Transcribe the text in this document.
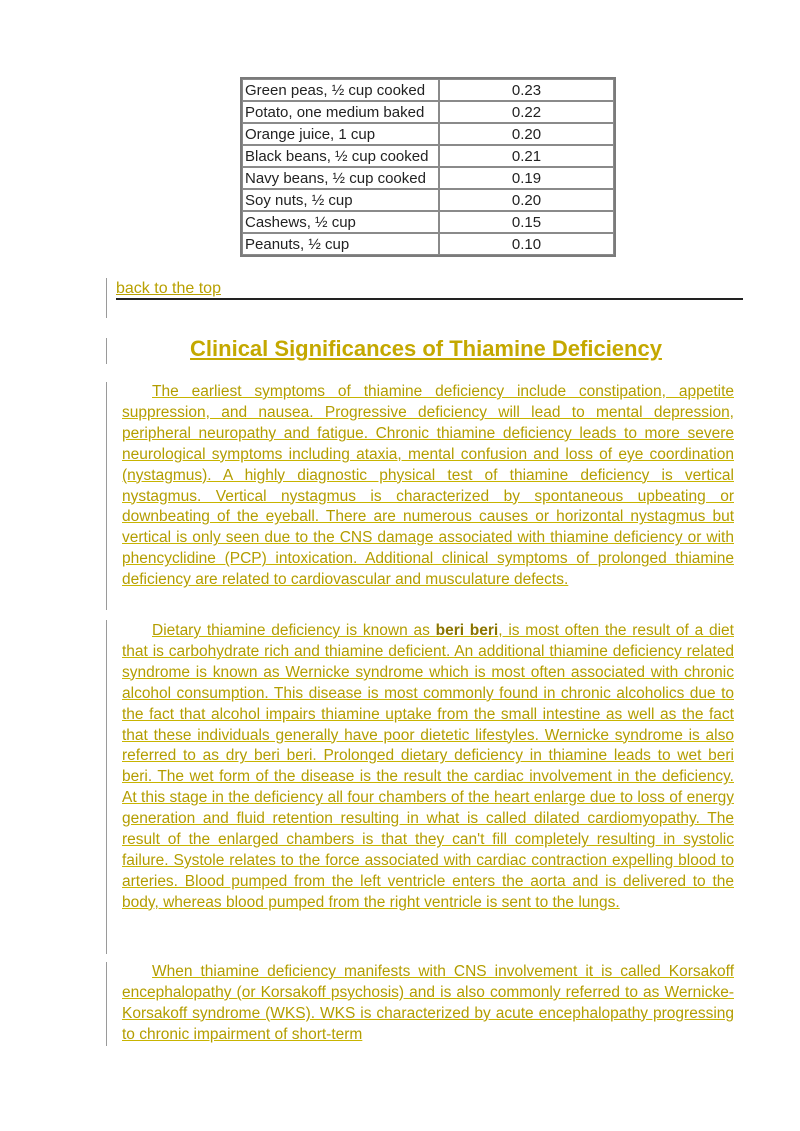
Green peas, ½ cup cooked	0.23
Potato, one medium baked	0.22
Orange juice, 1 cup	0.20
Black beans, ½ cup cooked	0.21
Navy beans, ½ cup cooked	0.19
Soy nuts, ½ cup	0.20
Cashews, ½ cup	0.15
Peanuts, ½ cup	0.10
back to the top
Clinical Significances of Thiamine Deficiency

The earliest symptoms of thiamine deficiency include constipation, appetite suppression, and nausea. Progressive deficiency will lead to mental depression, peripheral neuropathy and fatigue. Chronic thiamine deficiency leads to more severe neurological symptoms including ataxia, mental confusion and loss of eye coordination (nystagmus). A highly diagnostic physical test of thiamine deficiency is vertical nystagmus. Vertical nystagmus is characterized by spontaneous upbeating or downbeating of the eyeball. There are numerous causes or horizontal nystagmus but vertical is only seen due to the CNS damage associated with thiamine deficiency or with phencyclidine (PCP) intoxication. Additional clinical symptoms of prolonged thiamine deficiency are related to cardiovascular and musculature defects.

Dietary thiamine deficiency is known as beri beri, is most often the result of a diet that is carbohydrate rich and thiamine deficient. An additional thiamine deficiency related syndrome is known as Wernicke syndrome which is most often associated with chronic alcohol consumption. This disease is most commonly found in chronic alcoholics due to the fact that alcohol impairs thiamine uptake from the small intestine as well as the fact that these individuals generally have poor dietetic lifestyles. Wernicke syndrome is also referred to as dry beri beri. Prolonged dietary deficiency in thiamine leads to wet beri beri. The wet form of the disease is the result the cardiac involvement in the deficiency. At this stage in the deficiency all four chambers of the heart enlarge due to loss of energy generation and fluid retention resulting in what is called dilated cardiomyopathy. The result of the enlarged chambers is that they can't fill completely resulting in systolic failure. Systole relates to the force associated with cardiac contraction expelling blood to arteries. Blood pumped from the left ventricle enters the aorta and is delivered to the body, whereas blood pumped from the right ventricle is sent to the lungs.

When thiamine deficiency manifests with CNS involvement it is called Korsakoff encephalopathy (or Korsakoff psychosis) and is also commonly referred to as Wernicke-Korsakoff syndrome (WKS). WKS is characterized by acute encephalopathy progressing to chronic impairment of short-term
